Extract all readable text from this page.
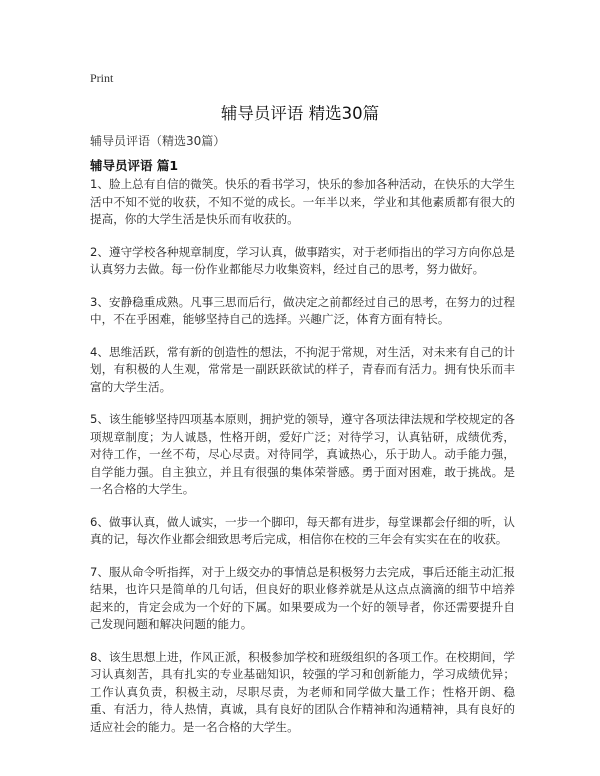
Print
辅导员评语 精选30篇
辅导员评语（精选30篇）
辅导员评语 篇1

1、脸上总有自信的微笑。快乐的看书学习，快乐的参加各种活动，在快乐的大学生活中不知不觉的收获，不知不觉的成长。一年半以来，学业和其他素质都有很大的提高，你的大学生活是快乐而有收获的。

2、遵守学校各种规章制度，学习认真，做事踏实，对于老师指出的学习方向你总是认真努力去做。每一份作业都能尽力收集资料，经过自己的思考，努力做好。

3、安静稳重成熟。凡事三思而后行，做决定之前都经过自己的思考，在努力的过程中，不在乎困难，能够坚持自己的选择。兴趣广泛，体育方面有特长。

4、思维活跃，常有新的创造性的想法，不拘泥于常规，对生活，对未来有自己的计划，有积极的人生观，常常是一副跃跃欲试的样子，青春而有活力。拥有快乐而丰富的大学生活。

5、该生能够坚持四项基本原则，拥护党的领导，遵守各项法律法规和学校规定的各项规章制度；为人诚恳，性格开朗，爱好广泛；对待学习，认真钻研，成绩优秀，对待工作，一丝不苟，尽心尽责。对待同学，真诚热心，乐于助人。动手能力强，自学能力强。自主独立，并且有很强的集体荣誉感。勇于面对困难，敢于挑战。是一名合格的大学生。

6、做事认真，做人诚实，一步一个脚印，每天都有进步，每堂课都会仔细的听，认真的记，每次作业都会细致思考后完成，相信你在校的三年会有实实在在的收获。

7、服从命令听指挥，对于上级交办的事情总是积极努力去完成，事后还能主动汇报结果，也许只是简单的几句话，但良好的职业修养就是从这点点滴滴的细节中培养起来的，肯定会成为一个好的下属。如果要成为一个好的领导者，你还需要提升自己发现问题和解决问题的能力。

8、该生思想上进，作风正派，积极参加学校和班级组织的各项工作。在校期间，学习认真刻苦，具有扎实的专业基础知识，较强的学习和创新能力，学习成绩优异；工作认真负责，积极主动，尽职尽责，为老师和同学做大量工作；性格开朗、稳重、有活力，待人热情，真诚，具有良好的团队合作精神和沟通精神，具有良好的适应社会的能力。是一名合格的大学生。
